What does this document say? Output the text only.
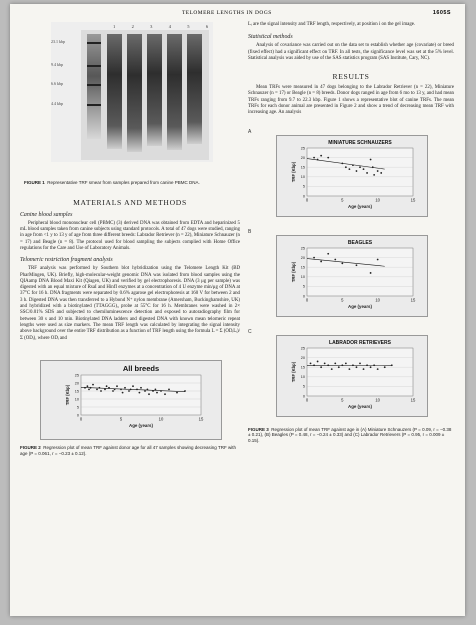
TELOMERE LENGTHS IN DOGS	1605S
1 2 3 4 5 6
23.1 kbp
9.4 kbp
6.6 kbp
4.4 kbp
FIGURE 1 Representative TRF smear from samples prepared from canine PBMC DNA.
MATERIALS AND METHODS
Canine blood samples

Peripheral blood mononuclear cell (PBMC) (3) derived DNA was obtained from EDTA and heparinized 5 mL blood samples taken from canine subjects using standard protocols. A total of 47 dogs were studied, ranging in age from <1 y to 13 y of age from three different breeds: Labrador Retriever (n = 22), Miniature Schnauzer (n = 17) and Beagle (n = 8). The protocol used for blood sampling the subjects complied with Home Office regulations for the Care and Use of Laboratory Animals.

Telomeric restriction fragment analysis

TRF analysis was performed by Southern blot hybridization using the Telomere Length Kit (BD PharMingen, UK). Briefly, high-molecular-weight genomic DNA was isolated from blood samples using the QIAamp DNA Blood Maxi Kit (Qiagen, UK) and verified by gel electrophoresis. DNA (3 μg per sample) was digested with an equal mixture of RsaI and HinfI enzymes at a concentration of 4 U enzyme min/μg of DNA at 37°C for 16 h. DNA fragments were separated by 0.6% agarose gel electrophoresis at 160 V for between 2 and 3 h. Digested DNA was then transferred to a Hybond N⁺ nylon membrane (Amersham, Buckinghamshire, UK) and hybridized with a biotinylated (TTAGGG)₃ probe at 55°C for 16 h. Membranes were washed in 2× SSC/0.01% SDS and subjected to chemiluminescence detection and exposed to autoradiography film for between 30 s and 10 min. Biotinylated DNA ladders and digested DNA with known mean telomeric repeat lengths were used as size markers. The mean TRF length was calculated by integrating the signal intensity above background over the entire TRF distribution as a function of TRF length using the formula L = Σ (ODᵢLᵢ)/Σ (ODᵢ), where ODᵢ and

All breeds
0
5
10
15
20
25
0	5	10	15
Age (years)
TRF (Kbp)
FIGURE 2 Regression plot of mean TRF against donor age for all 47 samples showing decreasing TRF with age (P = 0.061, r = −0.23 ± 0.12).

Lᵢ are the signal intensity and TRF length, respectively, at position i on the gel image.

Statistical methods

Analysis of covariance was carried out on the data set to establish whether age (covariate) or breed (fixed effect) had a significant effect on TRF. In all tests, the significance level was set at the 5% level. Statistical analysis was aided by use of the SAS statistics program (SAS Institute, Cary, NC).

RESULTS

Mean TRFs were measured in 47 dogs belonging to the Labrador Retriever (n = 22), Miniature Schnauzer (n = 17) or Beagle (n = 8) breeds. Donor dogs ranged in age from 6 mo to 13 y, and had mean TRFs ranging from 9.7 to 22.3 kbp. Figure 1 shows a representative blot of canine TRFs. The mean TRFs for each donor animal are presented in Figure 2 and show a trend of decreasing mean TRF with increasing age. An analysis

A
MINIATURE SCHNAUZERS
0
5
10
15
20
25
0	5	10	15
Age (years)
TRF (Kbp)
B
BEAGLES
0
5
10
15
20
25
0	5	10	15
Age (years)
TRF (Kbp)
C
LABRADOR RETRIEVERS
0
5
10
15
20
25
0	5	10	15
Age (years)
TRF (Kbp)
FIGURE 3 Regression plot of mean TRF against age in (A) Miniature Schnauzers (P = 0.09, r = −0.38 ± 0.21), (B) Beagles (P = 0.48, r = −0.24 ± 0.33) and (C) Labrador Retrievers (P = 0.95, r = 0.009 ± 0.15).
